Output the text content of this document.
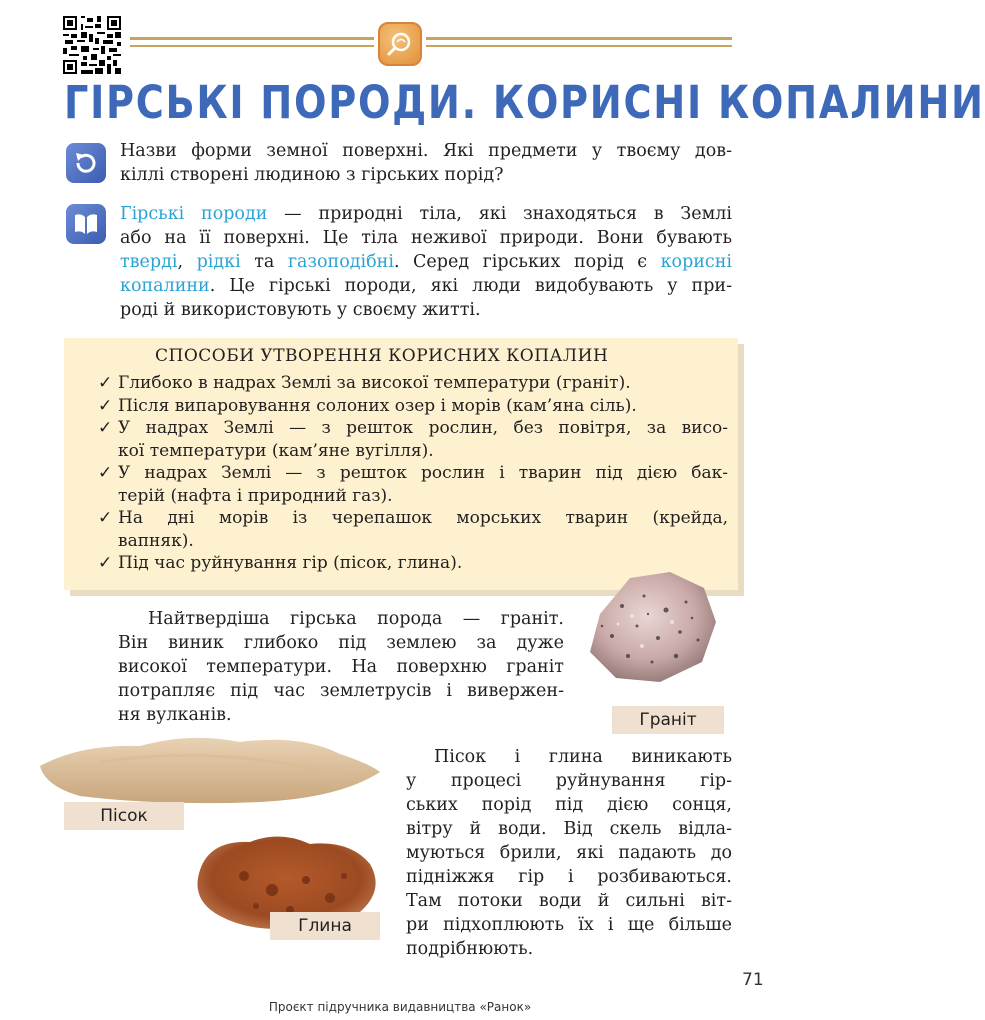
ГІРСЬКІ ПОРОДИ. КОРИСНІ КОПАЛИНИ
Назви форми земної поверхні. Які предмети у твоєму дов-
кіллі створені людиною з гірських порід?
Гірські породи — природні тіла, які знаходяться в Землі
або на її поверхні. Це тіла неживої природи. Вони бувають
тверді, рідкі та газоподібні. Серед гірських порід є корисні
копалини. Це гірські породи, які люди видобувають у при-
роді й використовують у своєму житті.
СПОСОБИ УТВОРЕННЯ КОРИСНИХ КОПАЛИН
✓ Глибоко в надрах Землі за високої температури (граніт).
✓ Після випаровування солоних озер і морів (кам’яна сіль).
✓ У надрах Землі — з решток рослин, без повітря, за висо-
кої температури (кам’яне вугілля).
✓ У надрах Землі — з решток рослин і тварин під дією бак-
терій (нафта і природний газ).
✓ На дні морів із черепашок морських тварин (крейда,
вапняк).
✓ Під час руйнування гір (пісок, глина).
Граніт
Найтвердіша гірська порода — граніт.
Він виник глибоко під землею за дуже
високої температури. На поверхню граніт
потрапляє під час землетрусів і вивержен-
ня вулканів.
Пісок
Глина
Пісок і глина виникають
у процесі руйнування гір-
ських порід під дією сонця,
вітру й води. Від скель відла-
муються брили, які падають до
підніжжя гір і розбиваються.
Там потоки води й сильні віт-
ри підхоплюють їх і ще більше
подрібнюють.
71
Проєкт підручника видавництва «Ранок»
